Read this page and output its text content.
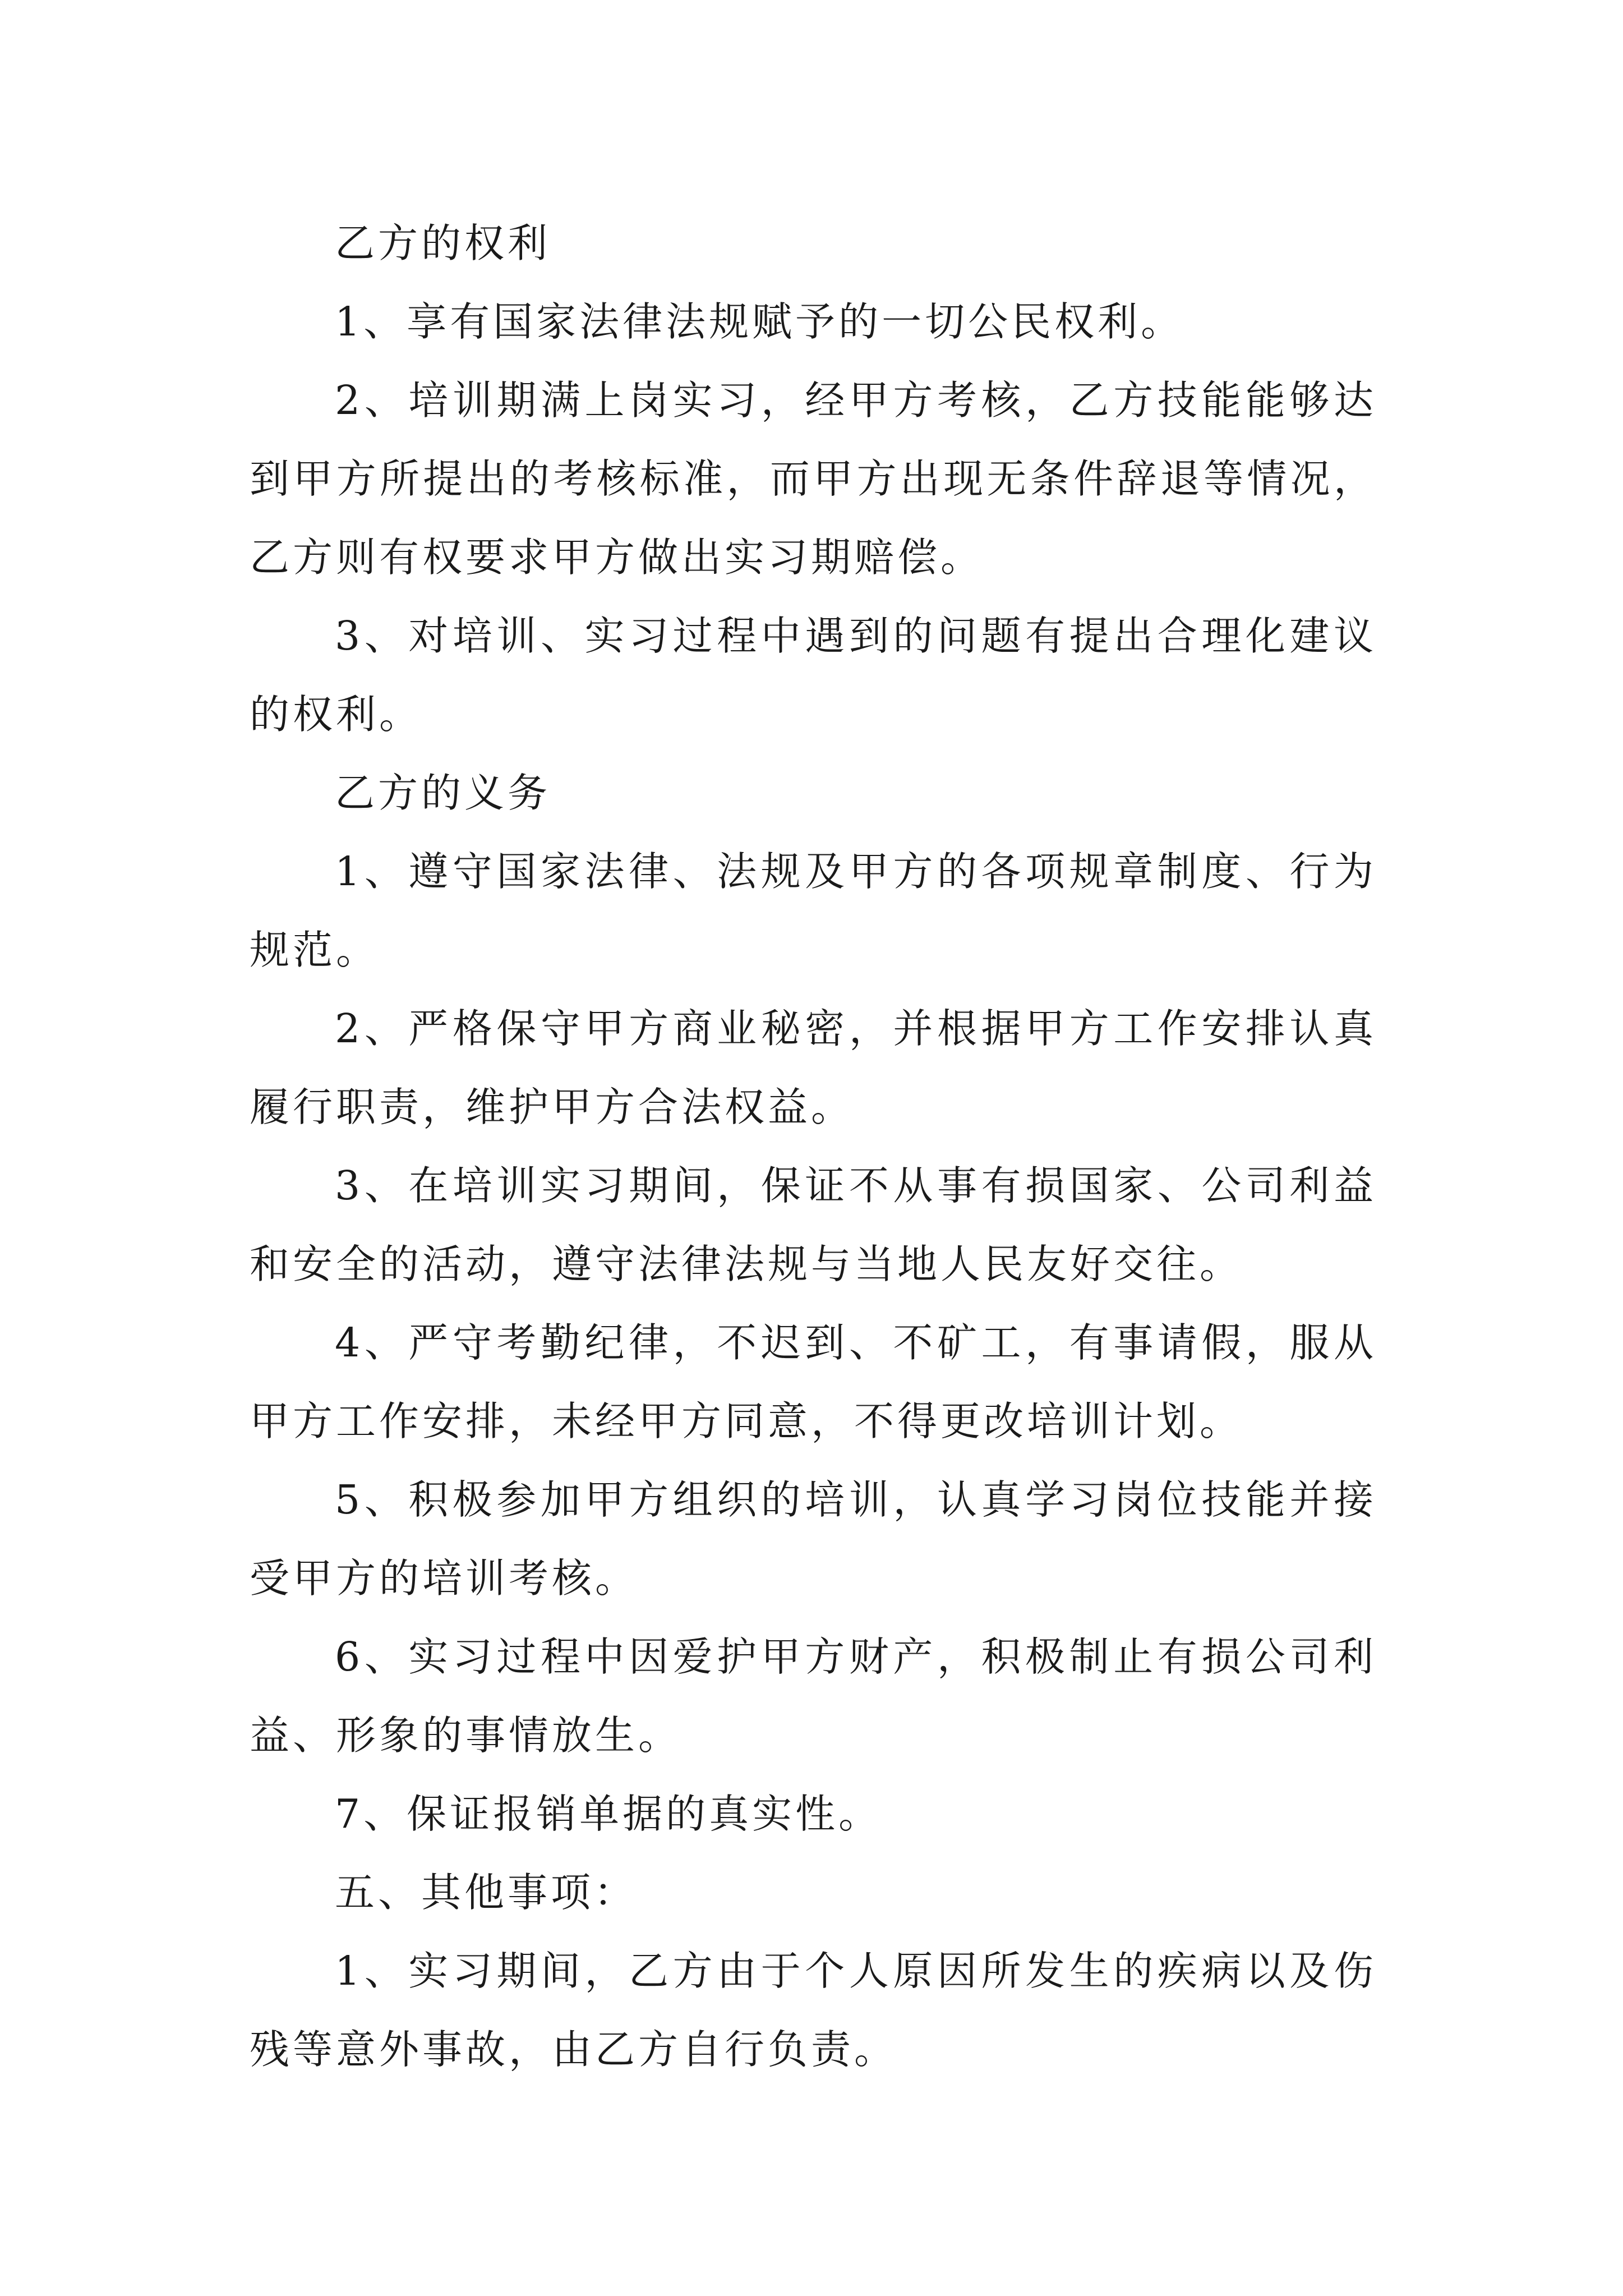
乙方的权利

1、享有国家法律法规赋予的一切公民权利。

2、培训期满上岗实习，经甲方考核，乙方技能能够达到甲方所提出的考核标准，而甲方出现无条件辞退等情况，乙方则有权要求甲方做出实习期赔偿。

3、对培训、实习过程中遇到的问题有提出合理化建议的权利。

乙方的义务

1、遵守国家法律、法规及甲方的各项规章制度、行为规范。

2、严格保守甲方商业秘密，并根据甲方工作安排认真履行职责，维护甲方合法权益。

3、在培训实习期间，保证不从事有损国家、公司利益和安全的活动，遵守法律法规与当地人民友好交往。

4、严守考勤纪律，不迟到、不矿工，有事请假，服从甲方工作安排，未经甲方同意，不得更改培训计划。

5、积极参加甲方组织的培训，认真学习岗位技能并接受甲方的培训考核。

6、实习过程中因爱护甲方财产，积极制止有损公司利益、形象的事情放生。

7、保证报销单据的真实性。

五、其他事项：

1、实习期间，乙方由于个人原因所发生的疾病以及伤残等意外事故，由乙方自行负责。
